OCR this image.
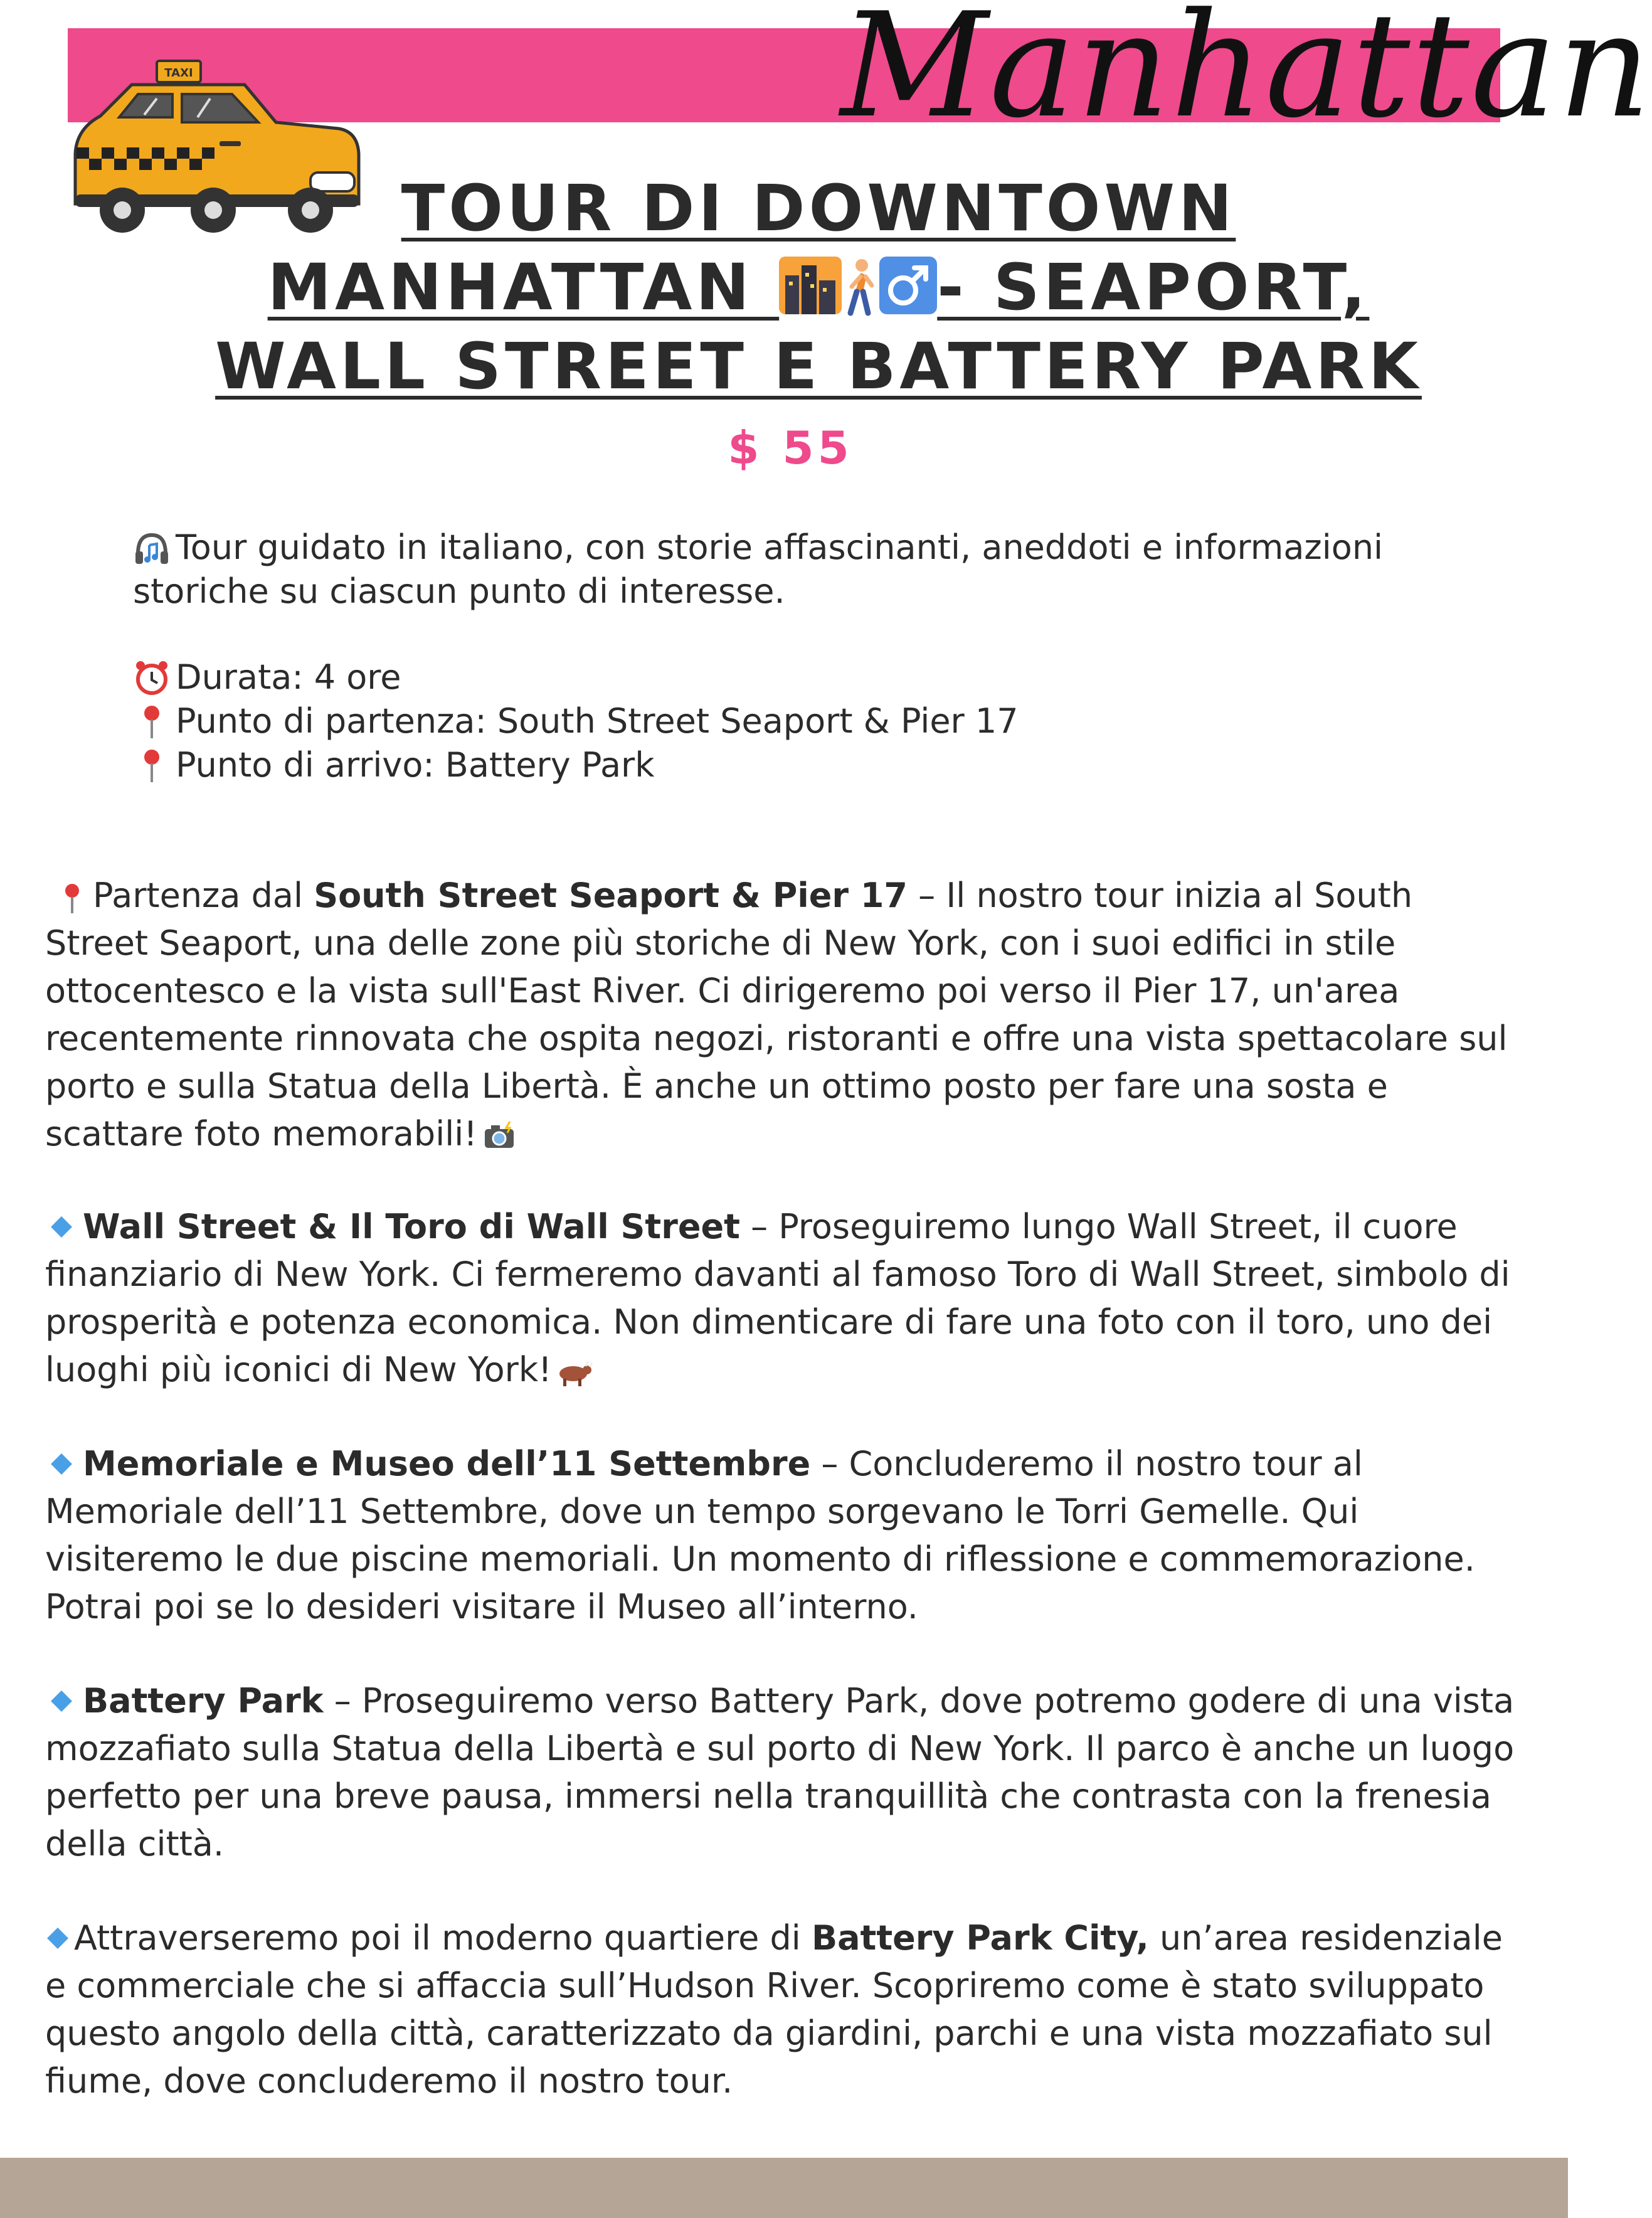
Manhattan
TAXI
TOUR DI DOWNTOWN
MANHATTAN - SEAPORT,
WALL STREET E BATTERY PARK
$ 55
Tour guidato in italiano, con storie affascinanti, aneddoti e informazioni
storiche su ciascun punto di interesse.
Durata: 4 ore
Punto di partenza: South Street Seaport & Pier 17
Punto di arrivo: Battery Park

Partenza dal South Street Seaport & Pier 17 – Il nostro tour inizia al South Street Seaport, una delle zone più storiche di New York, con i suoi edifici in stile ottocentesco e la vista sull'East River. Ci dirigeremo poi verso il Pier 17, un'area recentemente rinnovata che ospita negozi, ristoranti e offre una vista spettacolare sul porto e sulla Statua della Libertà. È anche un ottimo posto per fare una sosta e scattare foto memorabili!

Wall Street & Il Toro di Wall Street – Proseguiremo lungo Wall Street, il cuore finanziario di New York. Ci fermeremo davanti al famoso Toro di Wall Street, simbolo di prosperità e potenza economica. Non dimenticare di fare una foto con il toro, uno dei luoghi più iconici di New York!

Memoriale e Museo dell’11 Settembre – Concluderemo il nostro tour al Memoriale dell’11 Settembre, dove un tempo sorgevano le Torri Gemelle. Qui visiteremo le due piscine memoriali. Un momento di riflessione e commemorazione. Potrai poi se lo desideri visitare il Museo all’interno.

Battery Park – Proseguiremo verso Battery Park, dove potremo godere di una vista mozzafiato sulla Statua della Libertà e sul porto di New York. Il parco è anche un luogo perfetto per una breve pausa, immersi nella tranquillità che contrasta con la frenesia della città.

Attraverseremo poi il moderno quartiere di Battery Park City, un’area residenziale e commerciale che si affaccia sull’Hudson River. Scopriremo come è stato sviluppato questo angolo della città, caratterizzato da giardini, parchi e una vista mozzafiato sul fiume, dove concluderemo il nostro tour.
